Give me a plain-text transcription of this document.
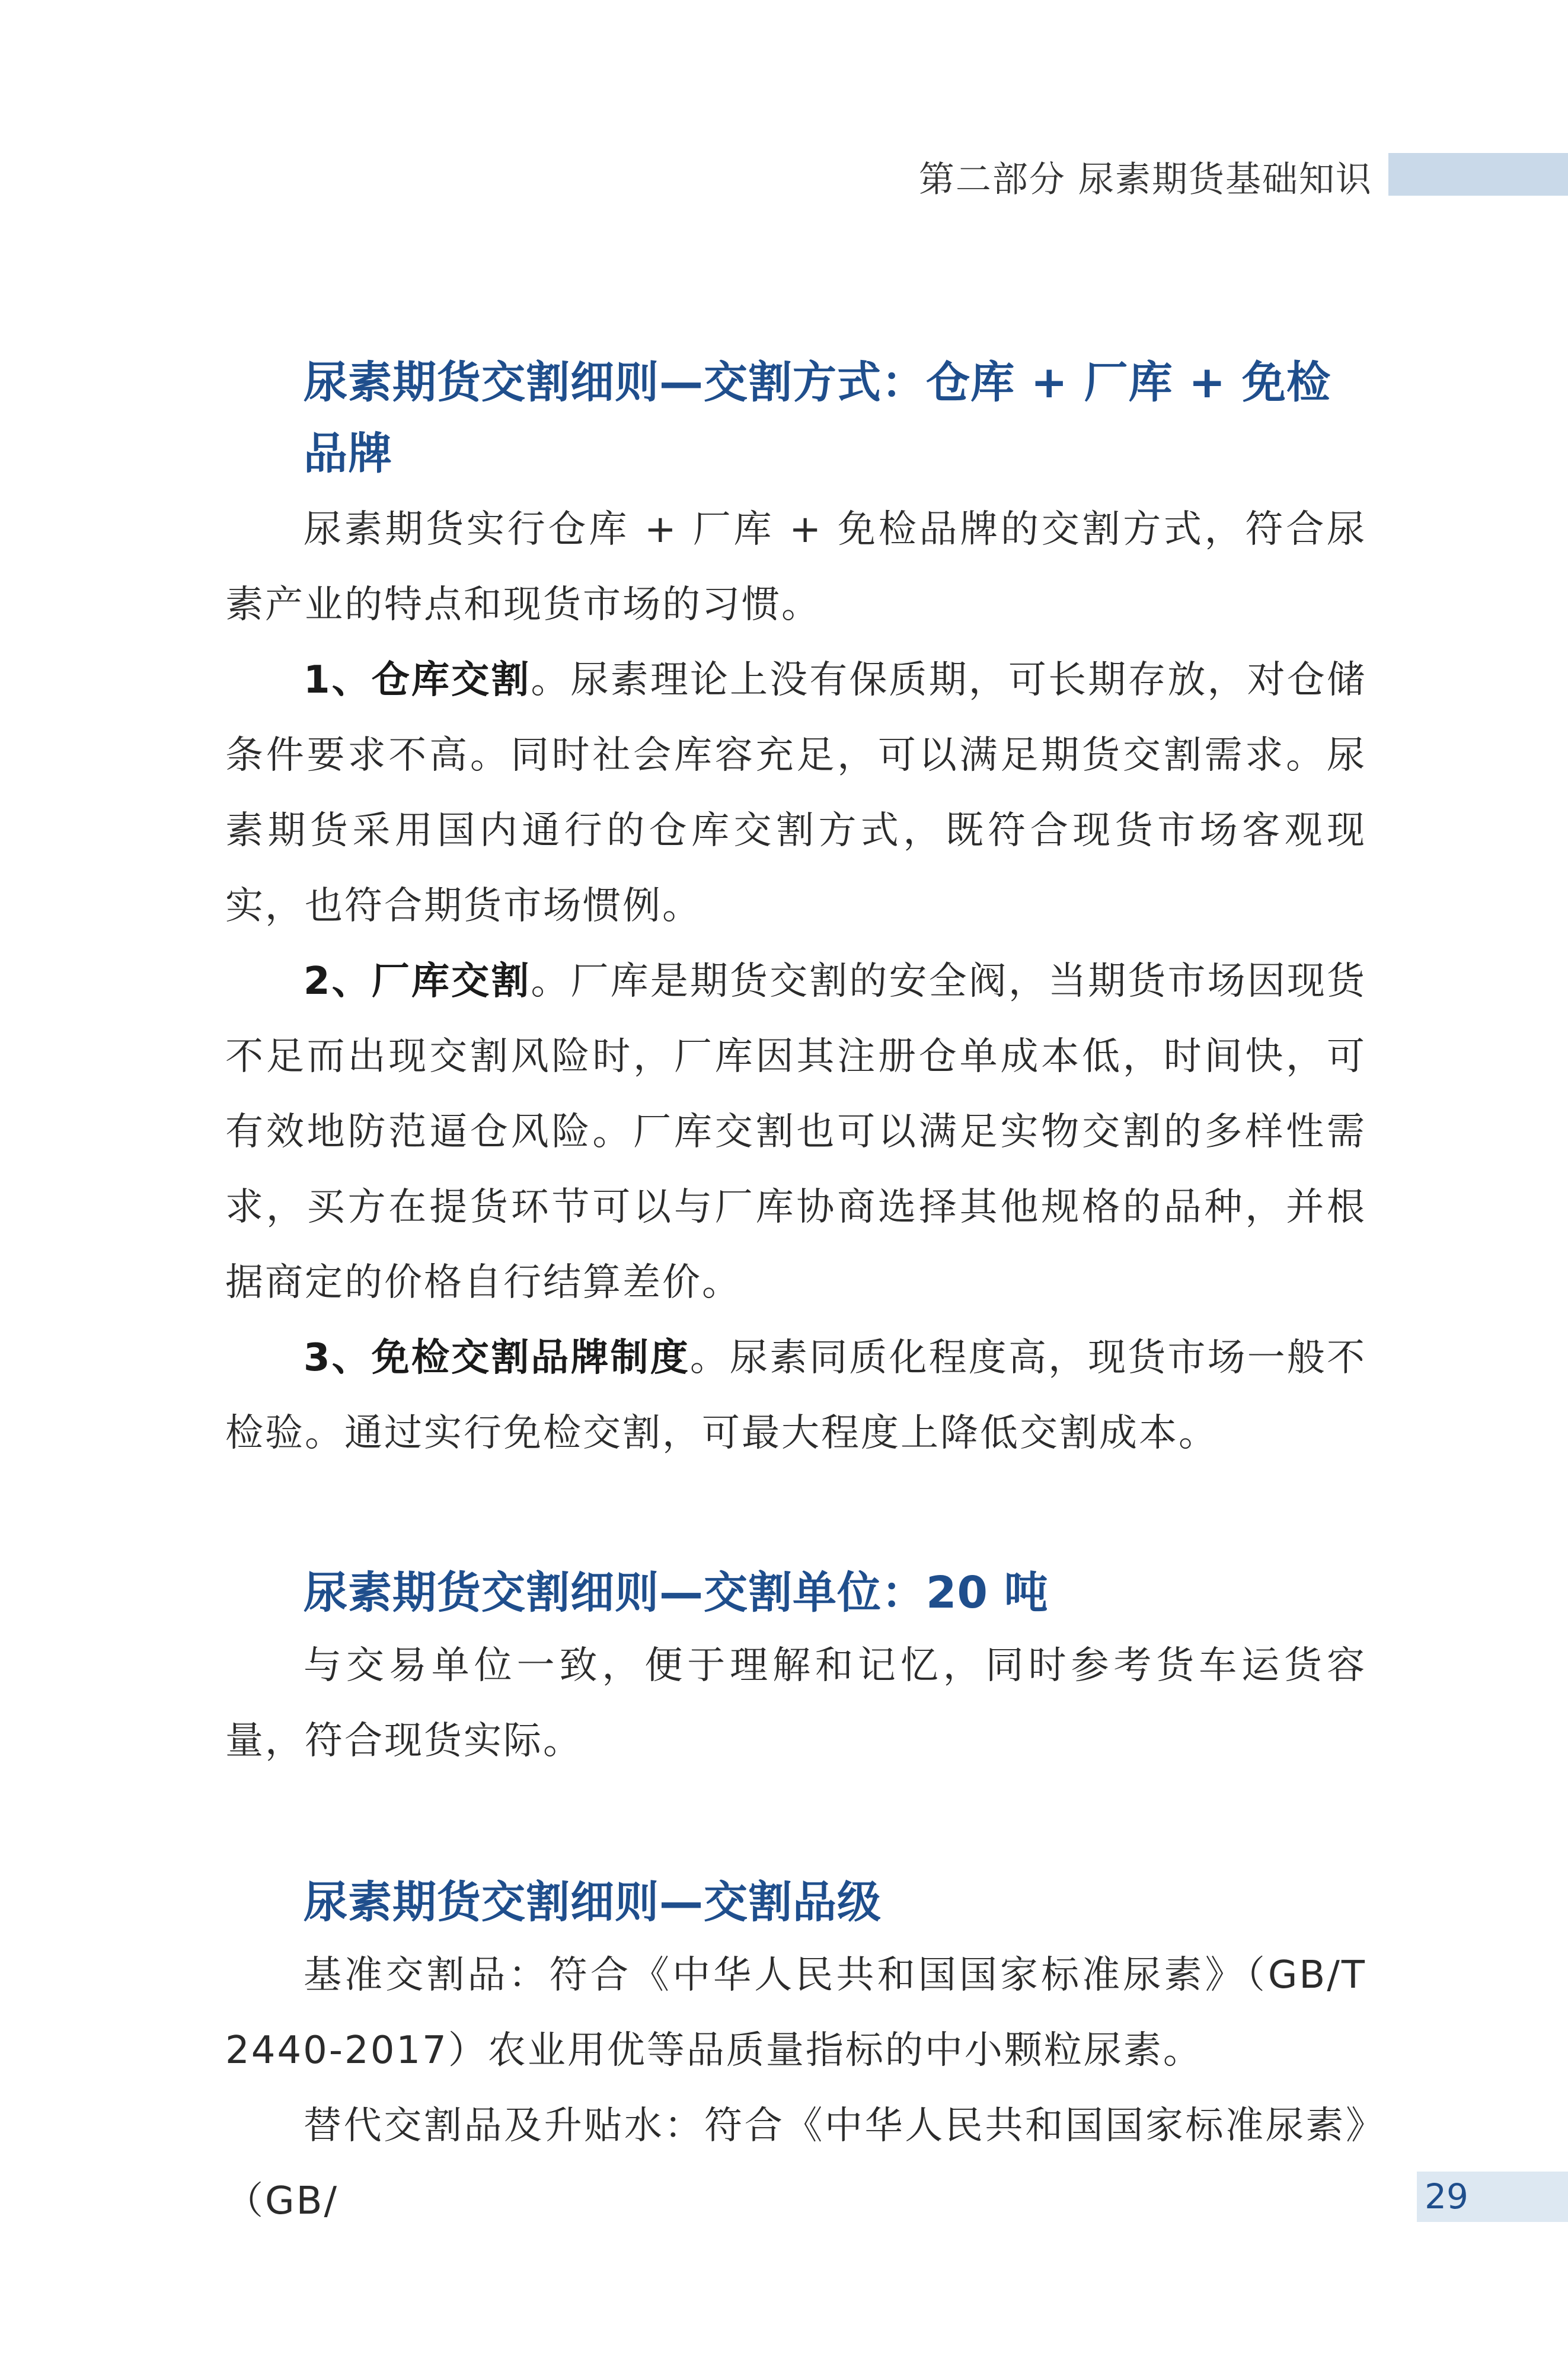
第二部分 尿素期货基础知识
尿素期货交割细则—交割方式：仓库 + 厂库 + 免检品牌

尿素期货实行仓库 + 厂库 + 免检品牌的交割方式，符合尿素产业的特点和现货市场的习惯。

1、仓库交割。尿素理论上没有保质期，可长期存放，对仓储条件要求不高。同时社会库容充足，可以满足期货交割需求。尿素期货采用国内通行的仓库交割方式，既符合现货市场客观现实，也符合期货市场惯例。

2、厂库交割。厂库是期货交割的安全阀，当期货市场因现货不足而出现交割风险时，厂库因其注册仓单成本低，时间快，可有效地防范逼仓风险。厂库交割也可以满足实物交割的多样性需求，买方在提货环节可以与厂库协商选择其他规格的品种，并根据商定的价格自行结算差价。

3、免检交割品牌制度。尿素同质化程度高，现货市场一般不检验。通过实行免检交割，可最大程度上降低交割成本。

尿素期货交割细则—交割单位：20 吨

与交易单位一致，便于理解和记忆，同时参考货车运货容量，符合现货实际。

尿素期货交割细则—交割品级

基准交割品：符合《中华人民共和国国家标准尿素》（GB/T 2440-2017）农业用优等品质量指标的中小颗粒尿素。

替代交割品及升贴水：符合《中华人民共和国国家标准尿素》（GB/	29
